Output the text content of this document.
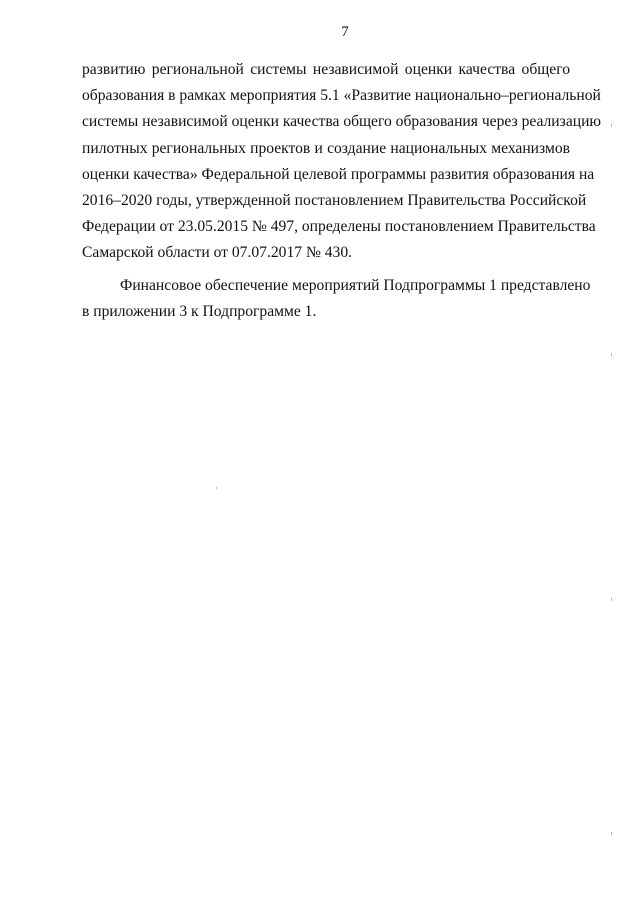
7
развитию региональной системы независимой оценки качества общего
образования в рамках мероприятия 5.1 «Развитие национально–региональной
системы независимой оценки качества общего образования через реализацию
пилотных региональных проектов и создание национальных механизмов
оценки качества» Федеральной целевой программы развития образования на
2016–2020 годы, утвержденной постановлением Правительства Российской
Федерации от 23.05.2015 № 497, определены постановлением Правительства
Самарской области от 07.07.2017 № 430.
Финансовое обеспечение мероприятий Подпрограммы 1 представлено
в приложении 3 к Подпрограмме 1.
